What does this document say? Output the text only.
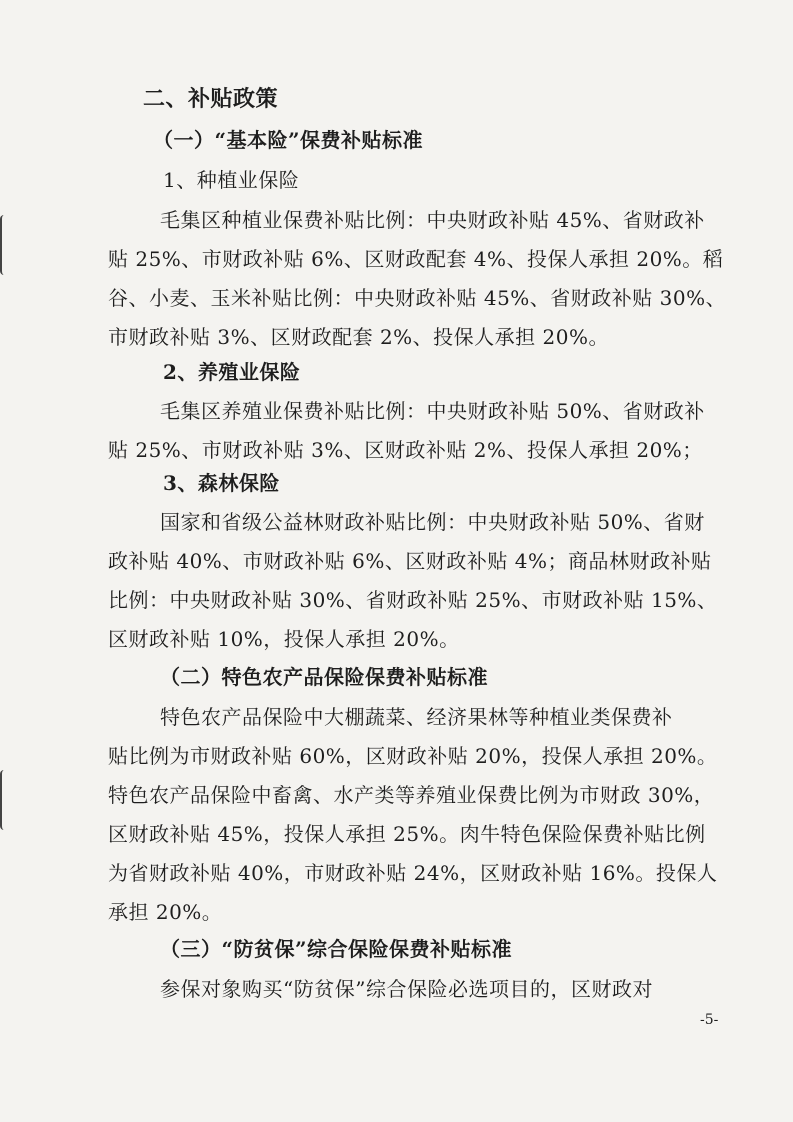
二、补贴政策
（一）“基本险”保费补贴标准
1、种植业保险
毛集区种植业保费补贴比例：中央财政补贴 45%、省财政补
贴 25%、市财政补贴 6%、区财政配套 4%、投保人承担 20%。稻
谷、小麦、玉米补贴比例：中央财政补贴 45%、省财政补贴 30%、
市财政补贴 3%、区财政配套 2%、投保人承担 20%。
2、养殖业保险
毛集区养殖业保费补贴比例：中央财政补贴 50%、省财政补
贴 25%、市财政补贴 3%、区财政补贴 2%、投保人承担 20%；
3、森林保险
国家和省级公益林财政补贴比例：中央财政补贴 50%、省财
政补贴 40%、市财政补贴 6%、区财政补贴 4%；商品林财政补贴
比例：中央财政补贴 30%、省财政补贴 25%、市财政补贴 15%、
区财政补贴 10%，投保人承担 20%。
（二）特色农产品保险保费补贴标准
特色农产品保险中大棚蔬菜、经济果林等种植业类保费补
贴比例为市财政补贴 60%，区财政补贴 20%，投保人承担 20%。
特色农产品保险中畜禽、水产类等养殖业保费比例为市财政 30%，
区财政补贴 45%，投保人承担 25%。肉牛特色保险保费补贴比例
为省财政补贴 40%，市财政补贴 24%，区财政补贴 16%。投保人
承担 20%。
（三）“防贫保”综合保险保费补贴标准
参保对象购买“防贫保”综合保险必选项目的，区财政对
-5-
